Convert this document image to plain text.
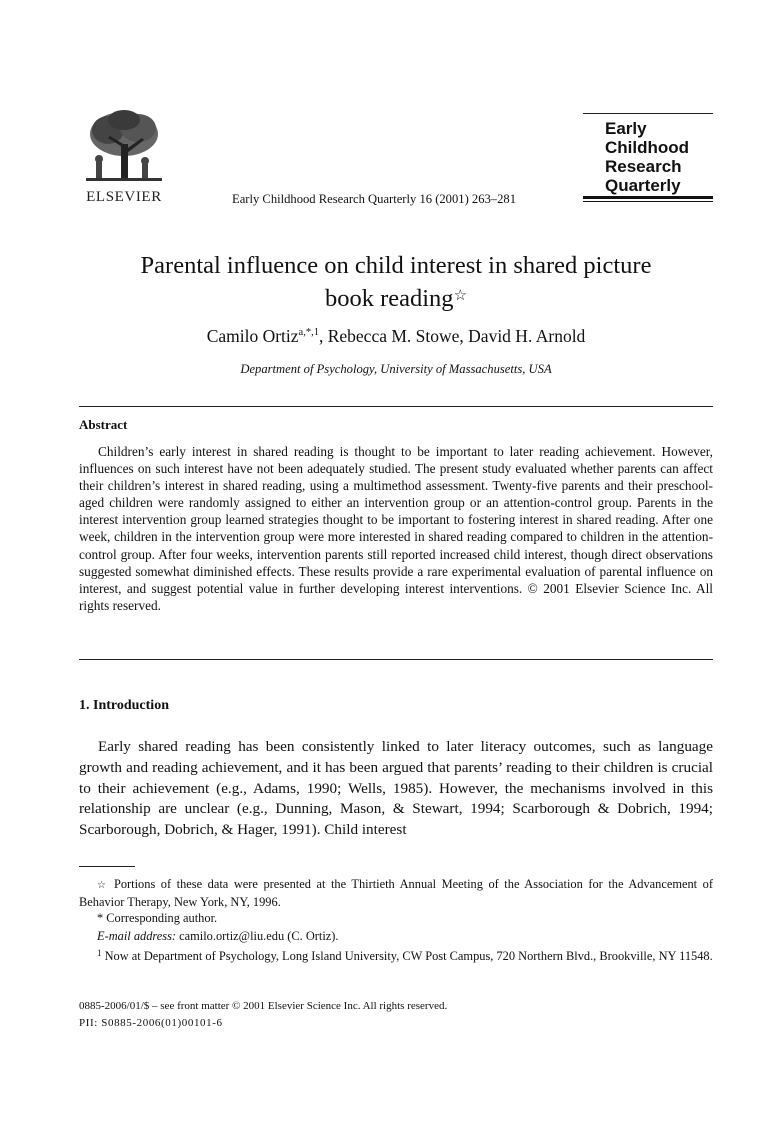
ELSEVIER	Early Childhood Research Quarterly 16 (2001) 263–281
Early
Childhood
Research
Quarterly
Parental influence on child interest in shared picture
book reading☆
Camilo Ortiz$^{a,*,1}$, Rebecca M. Stowe, David H. Arnold
Department of Psychology, University of Massachusetts, USA
Abstract
Children’s early interest in shared reading is thought to be important to later reading achievement. However, influences on such interest have not been adequately studied. The present study evaluated whether parents can affect their children’s interest in shared reading, using a multimethod assessment. Twenty-five parents and their preschool-aged children were randomly assigned to either an intervention group or an attention-control group. Parents in the interest intervention group learned strategies thought to be important to fostering interest in shared reading. After one week, children in the intervention group were more interested in shared reading compared to children in the attention-control group. After four weeks, intervention parents still reported increased child interest, though direct observations suggested somewhat diminished effects. These results provide a rare experimental evaluation of parental influence on interest, and suggest potential value in further developing interest interventions. © 2001 Elsevier Science Inc. All rights reserved.
1. Introduction
Early shared reading has been consistently linked to later literacy outcomes, such as language growth and reading achievement, and it has been argued that parents’ reading to their children is crucial to their achievement (e.g., Adams, 1990; Wells, 1985). However, the mechanisms involved in this relationship are unclear (e.g., Dunning, Mason, & Stewart, 1994; Scarborough & Dobrich, 1994; Scarborough, Dobrich, & Hager, 1991). Child interest
☆ Portions of these data were presented at the Thirtieth Annual Meeting of the Association for the Advancement of Behavior Therapy, New York, NY, 1996.
* Corresponding author.
E-mail address: camilo.ortiz@liu.edu (C. Ortiz).
$^1$ Now at Department of Psychology, Long Island University, CW Post Campus, 720 Northern Blvd., Brookville, NY 11548.
0885-2006/01/$ – see front matter © 2001 Elsevier Science Inc. All rights reserved.
PII: S0885-2006(01)00101-6
